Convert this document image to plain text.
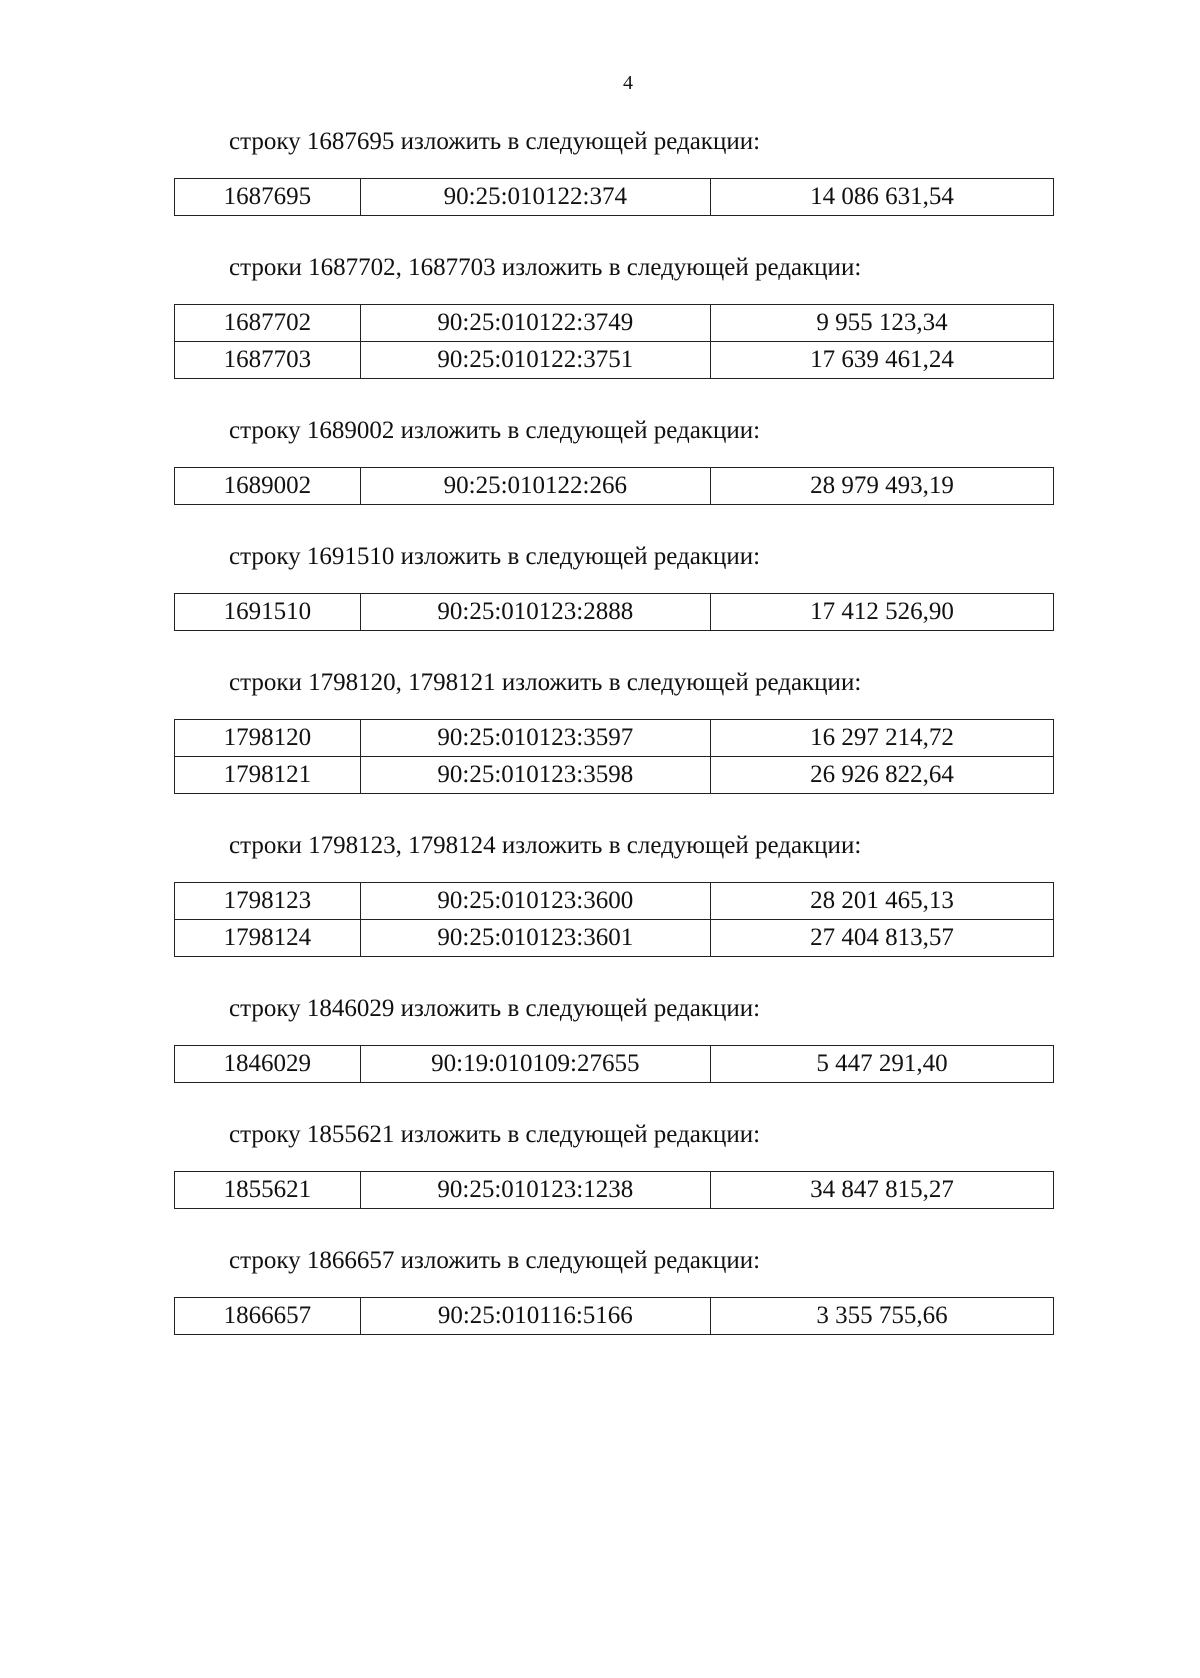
4

строку 1687695 изложить в следующей редакции:

1687695	90:25:010122:374	14 086 631,54

строки 1687702, 1687703 изложить в следующей редакции:

1687702	90:25:010122:3749	9 955 123,34
1687703	90:25:010122:3751	17 639 461,24

строку 1689002 изложить в следующей редакции:

1689002	90:25:010122:266	28 979 493,19

строку 1691510 изложить в следующей редакции:

1691510	90:25:010123:2888	17 412 526,90

строки 1798120, 1798121 изложить в следующей редакции:

1798120	90:25:010123:3597	16 297 214,72
1798121	90:25:010123:3598	26 926 822,64

строки 1798123, 1798124 изложить в следующей редакции:

1798123	90:25:010123:3600	28 201 465,13
1798124	90:25:010123:3601	27 404 813,57

строку 1846029 изложить в следующей редакции:

1846029	90:19:010109:27655	5 447 291,40

строку 1855621 изложить в следующей редакции:

1855621	90:25:010123:1238	34 847 815,27

строку 1866657 изложить в следующей редакции:

1866657	90:25:010116:5166	3 355 755,66
